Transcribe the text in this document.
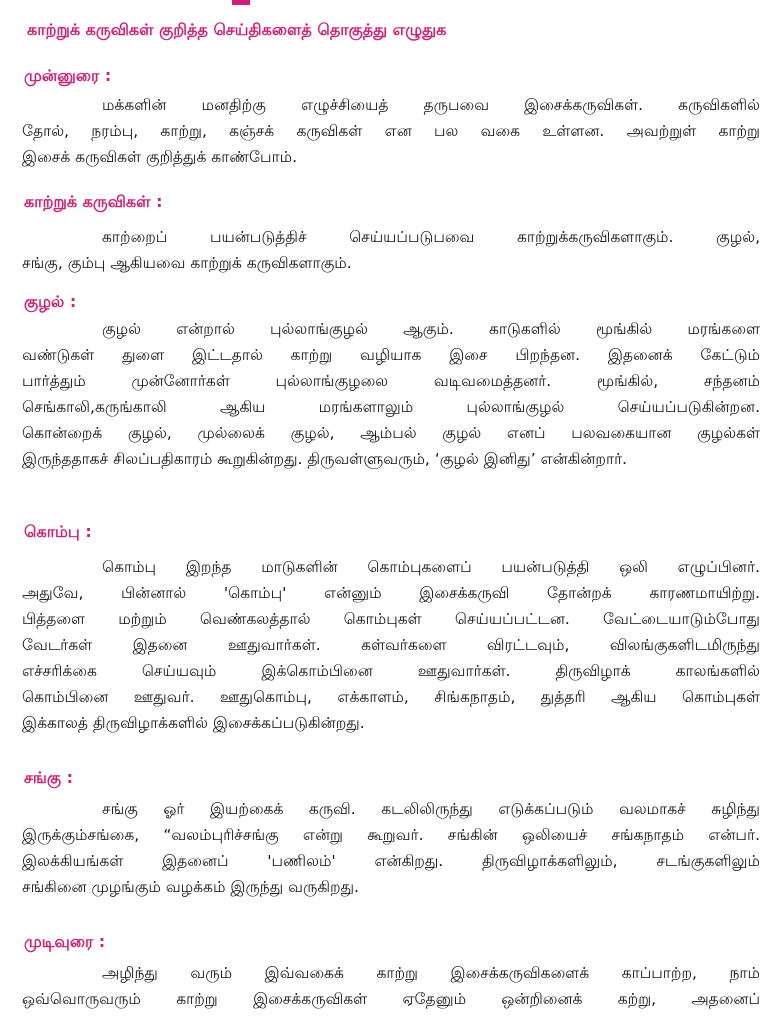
காற்றுக் கருவிகள் குறித்த செய்திகளைத் தொகுத்து எழுதுக
முன்னுரை :
மக்களின் மனதிற்கு எழுச்சியைத் தருபவை இசைக்கருவிகள். கருவிகளில்
தோல், நரம்பு, காற்று, கஞ்சக் கருவிகள் என பல வகை உள்ளன. அவற்றுள் காற்று
இசைக் கருவிகள் குறித்துக் காண்போம்.
காற்றுக் கருவிகள் :
காற்றைப் பயன்படுத்திச் செய்யப்படுபவை காற்றுக்கருவிகளாகும். குழல்,
சங்கு, கும்பு ஆகியவை காற்றுக் கருவிகளாகும்.
குழல் :
குழல் என்றால் புல்லாங்குழல் ஆகும். காடுகளில் மூங்கில் மரங்களை
வண்டுகள் துளை இட்டதால் காற்று வழியாக இசை பிறந்தன. இதனைக் கேட்டும்
பார்த்தும் முன்னோர்கள் புல்லாங்குழலை வடிவமைத்தனர். மூங்கில், சந்தனம்
செங்காலி,கருங்காலி ஆகிய மரங்களாலும் புல்லாங்குழல் செய்யப்படுகின்றன.
கொன்றைக் குழல், முல்லைக் குழல், ஆம்பல் குழல் எனப் பலவகையான குழல்கள்
இருந்ததாகச் சிலப்பதிகாரம் கூறுகின்றது. திருவள்ளுவரும், ‘குழல் இனிது’ என்கின்றார்.
கொம்பு :
கொம்பு இறந்த மாடுகளின் கொம்புகளைப் பயன்படுத்தி ஒலி எழுப்பினர்.
அதுவே, பின்னால் 'கொம்பு' என்னும் இசைக்கருவி தோன்றக் காரணமாயிற்று.
பித்தளை மற்றும் வெண்கலத்தால் கொம்புகள் செய்யப்பட்டன. வேட்டையாடும்போது
வேடர்கள் இதனை ஊதுவார்கள். கள்வர்களை விரட்டவும், விலங்குகளிடமிருந்து
எச்சரிக்கை செய்யவும் இக்கொம்பினை ஊதுவார்கள். திருவிழாக் காலங்களில்
கொம்பினை ஊதுவர். ஊதுகொம்பு, எக்காளம், சிங்கநாதம், துத்தரி ஆகிய கொம்புகள்
இக்காலத் திருவிழாக்களில் இசைக்கப்படுகின்றது.
சங்கு :
சங்கு ஓர் இயற்கைக் கருவி. கடலிலிருந்து எடுக்கப்படும் வலமாகச் சுழிந்து
இருக்கும்சங்கை, “வலம்புரிச்சங்கு என்று கூறுவர். சங்கின் ஒலியைச் சங்கநாதம் என்பர்.
இலக்கியங்கள் இதனைப் 'பணிலம்' என்கிறது. திருவிழாக்களிலும், சடங்குகளிலும்
சங்கினை முழங்கும் வழக்கம் இருந்து வருகிறது.
முடிவுரை :
அழிந்து வரும் இவ்வகைக் காற்று இசைக்கருவிகளைக் காப்பாற்ற, நாம்
ஒவ்வொருவரும் காற்று இசைக்கருவிகள் ஏதேனும் ஒன்றினைக் கற்று, அதனைப்
